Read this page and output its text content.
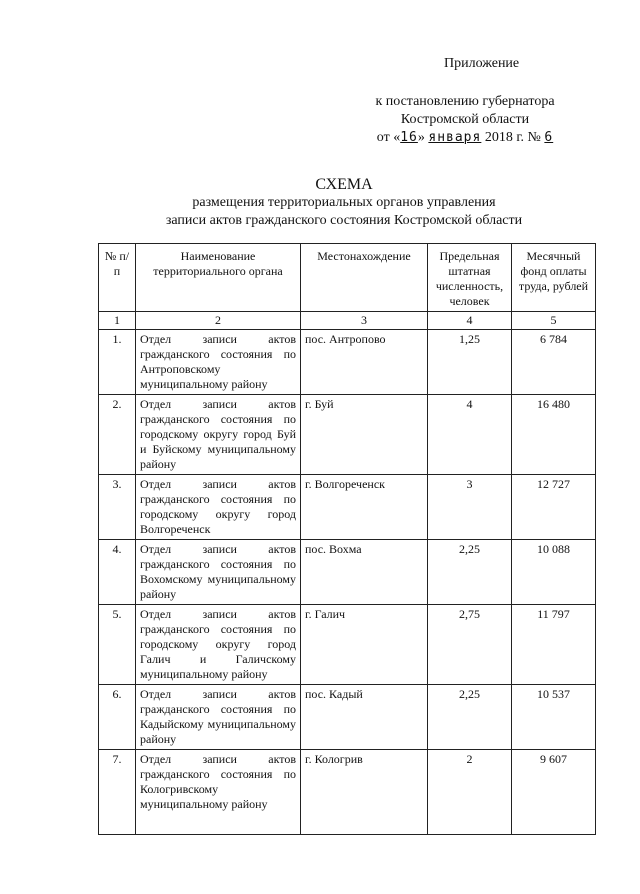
Приложение
к постановлению губернатора
Костромской области
от «16» января 2018 г. № 6
СХЕМА
размещения территориальных органов управления
записи актов гражданского состояния Костромской области
№ п/п	Наименование территориального органа	Местонахождение	Предельная штатная численность, человек	Месячный фонд оплаты труда, рублей
1	2	3	4	5
1.	Отдел записи актов гражданского состояния по Антроповскому муниципальному району	пос. Антропово	1,25	6 784
2.	Отдел записи актов гражданского состояния по городскому округу город Буй и Буйскому муниципальному району	г. Буй	4	16 480
3.	Отдел записи актов гражданского состояния по городскому округу город Волгореченск	г. Волгореченск	3	12 727
4.	Отдел записи актов гражданского состояния по Вохомскому муниципальному району	пос. Вохма	2,25	10 088
5.	Отдел записи актов гражданского состояния по городскому округу город Галич и Галичскому муниципальному району	г. Галич	2,75	11 797
6.	Отдел записи актов гражданского состояния по Кадыйскому муниципальному району	пос. Кадый	2,25	10 537
7.	Отдел записи актов гражданского состояния по Кологривскому муниципальному району	г. Кологрив	2	9 607
